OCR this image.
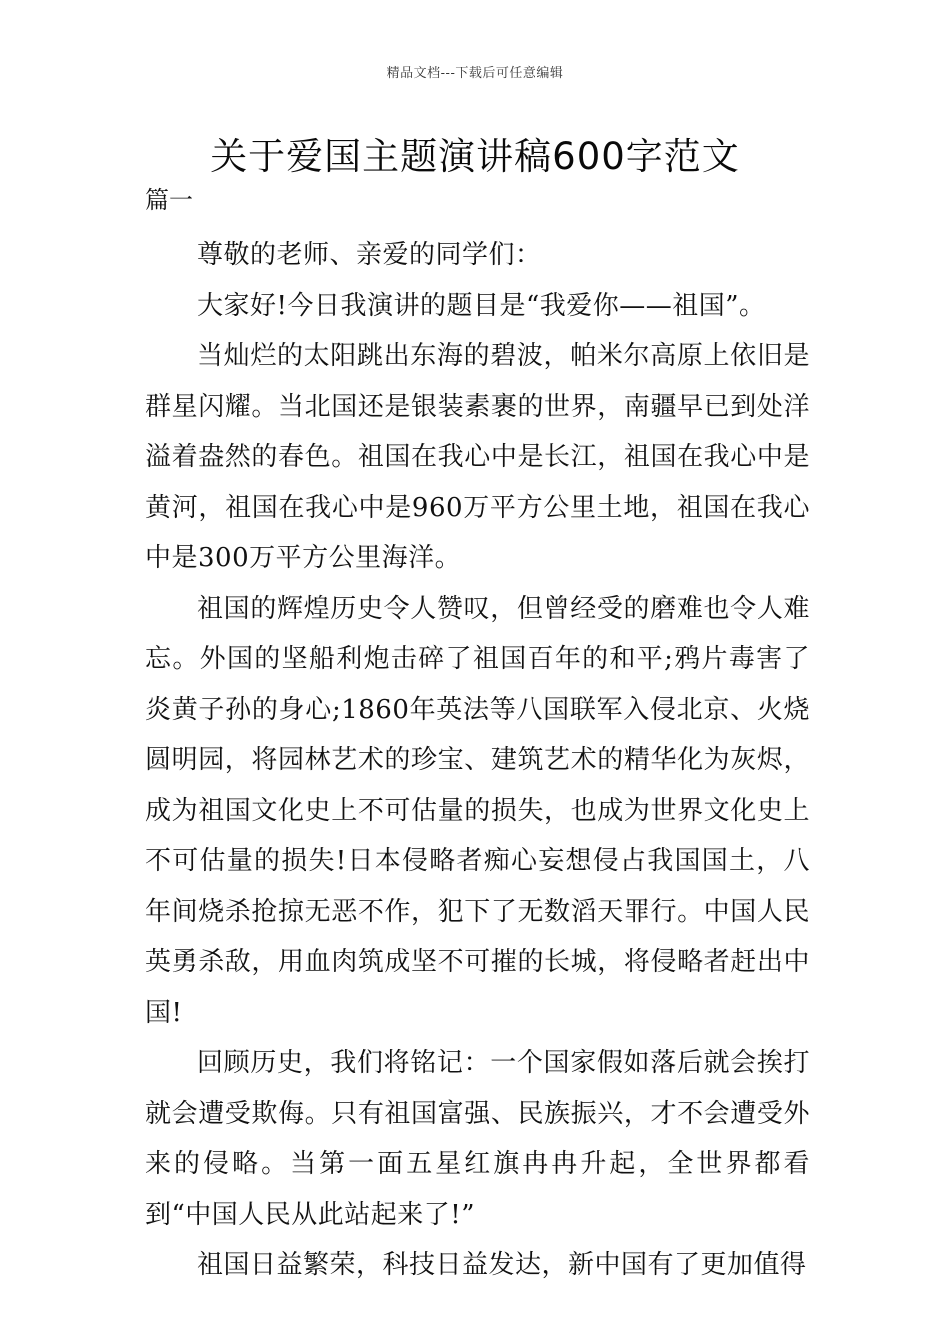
精品文档---下载后可任意编辑
关于爱国主题演讲稿600字范文
篇一

尊敬的老师、亲爱的同学们：

大家好!今日我演讲的题目是“我爱你——祖国”。

当灿烂的太阳跳出东海的碧波，帕米尔高原上依旧是群星闪耀。当北国还是银装素裹的世界，南疆早已到处洋溢着盎然的春色。祖国在我心中是长江，祖国在我心中是黄河，祖国在我心中是960万平方公里土地，祖国在我心中是300万平方公里海洋。

祖国的辉煌历史令人赞叹，但曾经受的磨难也令人难忘。外国的坚船利炮击碎了祖国百年的和平;鸦片毒害了炎黄子孙的身心;1860年英法等八国联军入侵北京、火烧圆明园，将园林艺术的珍宝、建筑艺术的精华化为灰烬，成为祖国文化史上不可估量的损失，也成为世界文化史上不可估量的损失!日本侵略者痴心妄想侵占我国国土，八年间烧杀抢掠无恶不作，犯下了无数滔天罪行。中国人民英勇杀敌，用血肉筑成坚不可摧的长城，将侵略者赶出中国!

回顾历史，我们将铭记：一个国家假如落后就会挨打就会遭受欺侮。只有祖国富强、民族振兴，才不会遭受外来的侵略。当第一面五星红旗冉冉升起，全世界都看到“中国人民从此站起来了!”

祖国日益繁荣，科技日益发达，新中国有了更加值得
